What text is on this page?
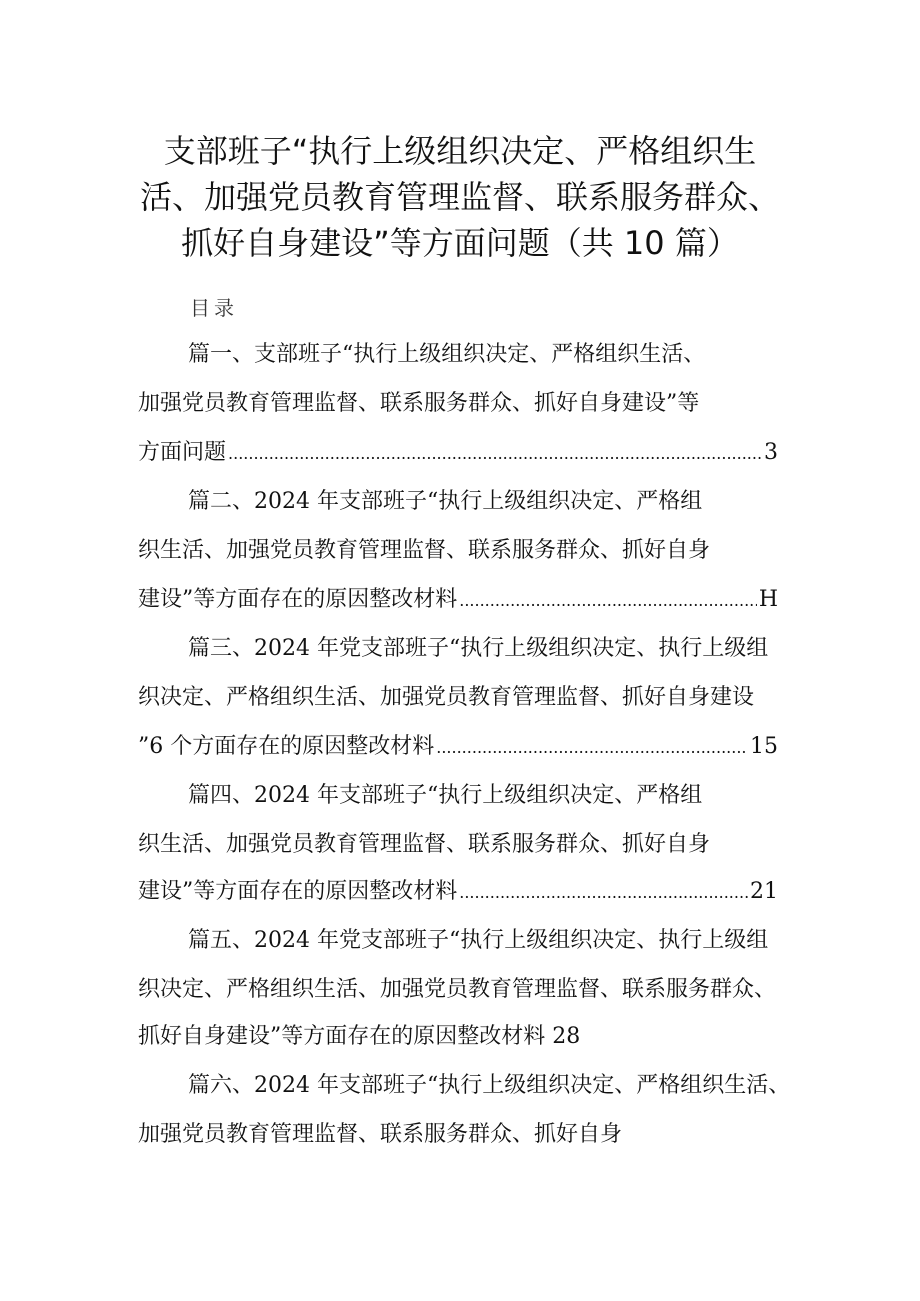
支部班子“执行上级组织决定、严格组织生
活、加强党员教育管理监督、联系服务群众、
抓好自身建设”等方面问题（共 10 篇）
目录
篇一、支部班子“执行上级组织决定、严格组织生活、
加强党员教育管理监督、联系服务群众、抓好自身建设”等
方面问题 .....	3
篇二、2024 年支部班子“执行上级组织决定、严格组
织生活、加强党员教育管理监督、联系服务群众、抓好自身
建设”等方面存在的原因整改材料 .....	H
篇三、2024 年党支部班子“执行上级组织决定、执行上级组
织决定、严格组织生活、加强党员教育管理监督、抓好自身建设
”6 个方面存在的原因整改材料 .....	15
篇四、2024 年支部班子“执行上级组织决定、严格组
织生活、加强党员教育管理监督、联系服务群众、抓好自身
建设”等方面存在的原因整改材料 .....	21
篇五、2024 年党支部班子“执行上级组织决定、执行上级组
织决定、严格组织生活、加强党员教育管理监督、联系服务群众、
抓好自身建设”等方面存在的原因整改材料 28
篇六、2024 年支部班子“执行上级组织决定、严格组织生活、
加强党员教育管理监督、联系服务群众、抓好自身
